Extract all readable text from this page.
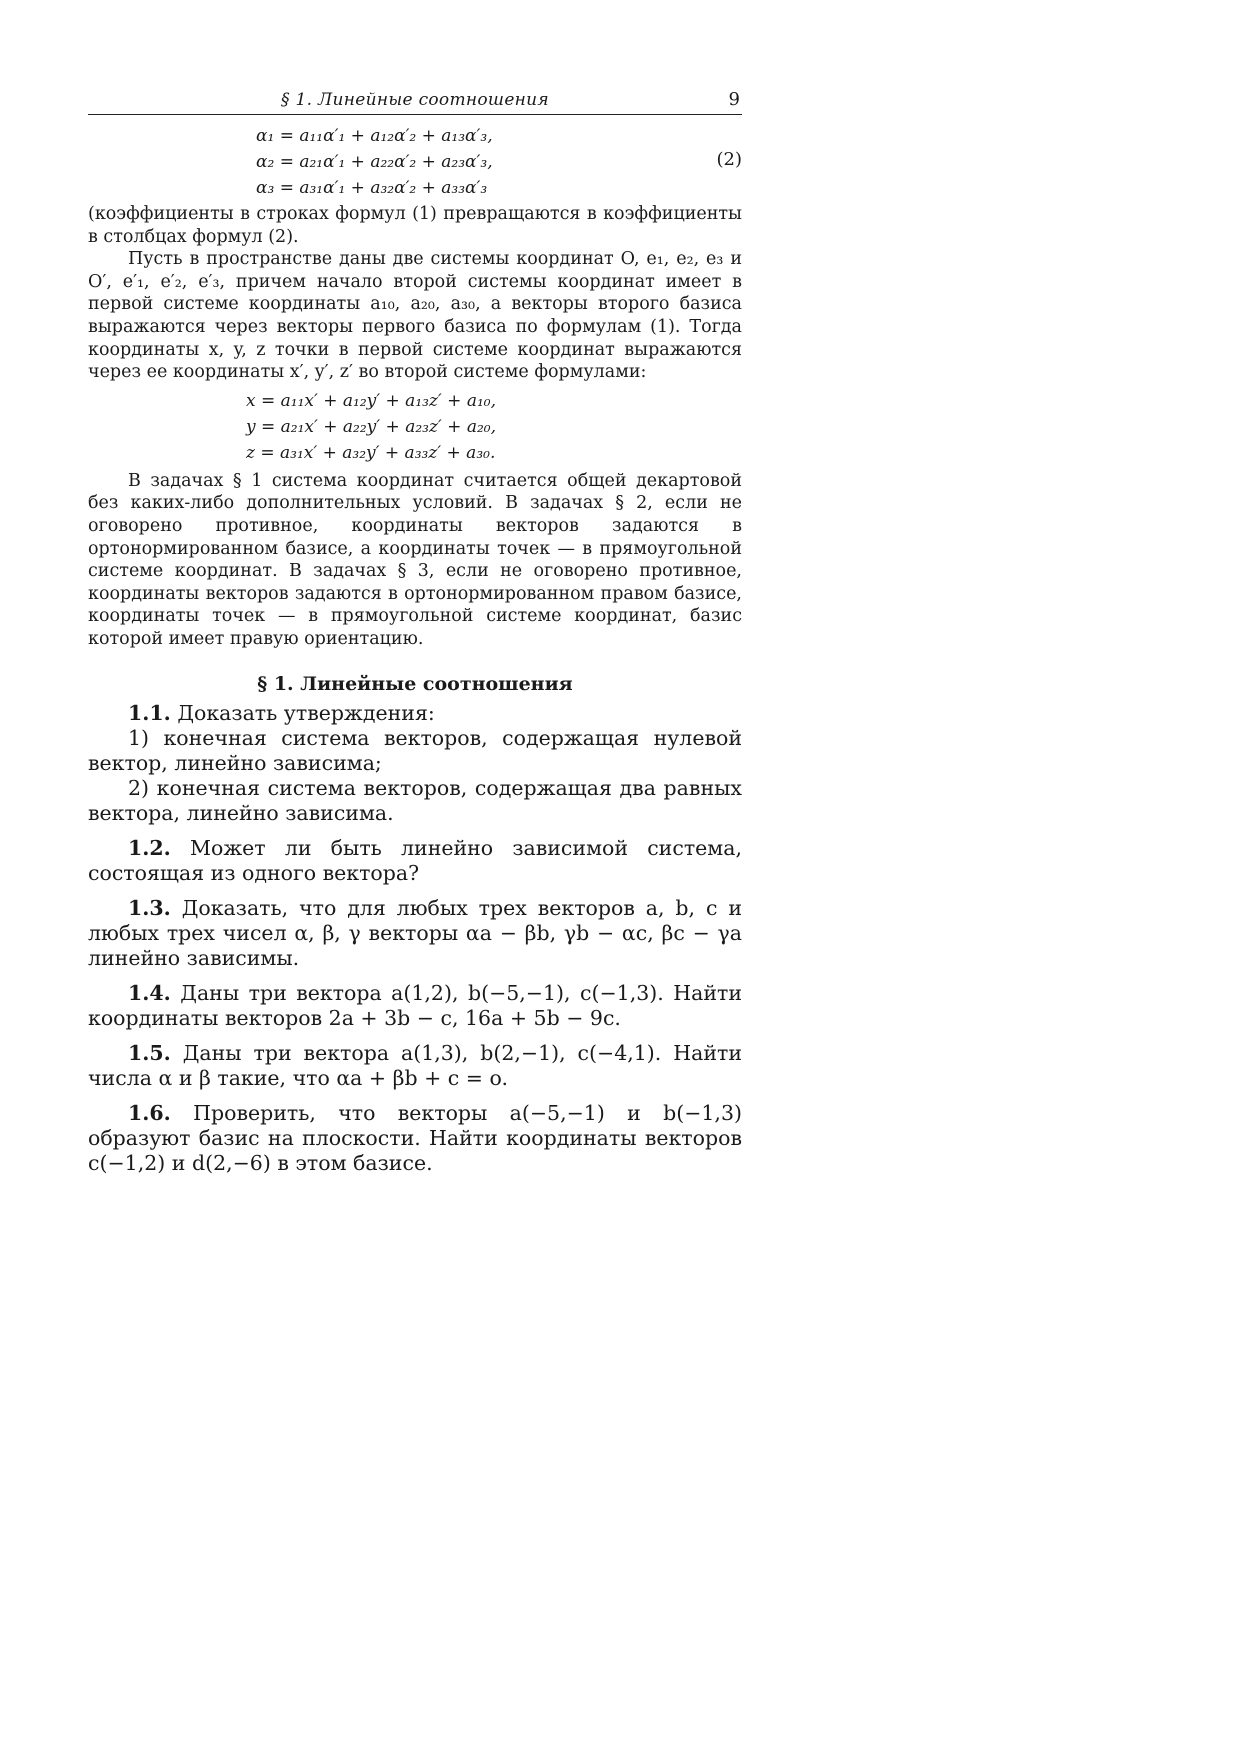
§ 1. Линейные соотношения	9
α₁ = a₁₁α′₁ + a₁₂α′₂ + a₁₃α′₃,
α₂ = a₂₁α′₁ + a₂₂α′₂ + a₂₃α′₃,
α₃ = a₃₁α′₁ + a₃₂α′₂ + a₃₃α′₃
(2)

(коэффициенты в строках формул (1) превращаются в коэффициенты в столбцах формул (2).

Пусть в пространстве даны две системы координат O, e₁, e₂, e₃ и O′, e′₁, e′₂, e′₃, причем начало второй системы координат имеет в первой системе координаты a₁₀, a₂₀, a₃₀, а векторы второго базиса выражаются через векторы первого базиса по формулам (1). Тогда координаты x, y, z точки в первой системе координат выражаются через ее координаты x′, y′, z′ во второй системе формулами:

x = a₁₁x′ + a₁₂y′ + a₁₃z′ + a₁₀,
y = a₂₁x′ + a₂₂y′ + a₂₃z′ + a₂₀,
z = a₃₁x′ + a₃₂y′ + a₃₃z′ + a₃₀.

В задачах § 1 система координат считается общей декартовой без каких-либо дополнительных условий. В задачах § 2, если не оговорено противное, координаты векторов задаются в ортонормированном базисе, а координаты точек — в прямоугольной системе координат. В задачах § 3, если не оговорено противное, координаты векторов задаются в ортонормированном правом базисе, координаты точек — в прямоугольной системе координат, базис которой имеет правую ориентацию.

§ 1. Линейные соотношения

1.1. Доказать утверждения:

1) конечная система векторов, содержащая нулевой вектор, линейно зависима;

2) конечная система векторов, содержащая два равных вектора, линейно зависима.

1.2. Может ли быть линейно зависимой система, состоящая из одного вектора?

1.3. Доказать, что для любых трех векторов a, b, c и любых трех чисел α, β, γ векторы αa − βb, γb − αc, βc − γa линейно зависимы.

1.4. Даны три вектора a(1,2), b(−5,−1), c(−1,3). Найти координаты векторов 2a + 3b − c, 16a + 5b − 9c.

1.5. Даны три вектора a(1,3), b(2,−1), c(−4,1). Найти числа α и β такие, что αa + βb + c = o.

1.6. Проверить, что векторы a(−5,−1) и b(−1,3) образуют базис на плоскости. Найти координаты векторов c(−1,2) и d(2,−6) в этом базисе.
